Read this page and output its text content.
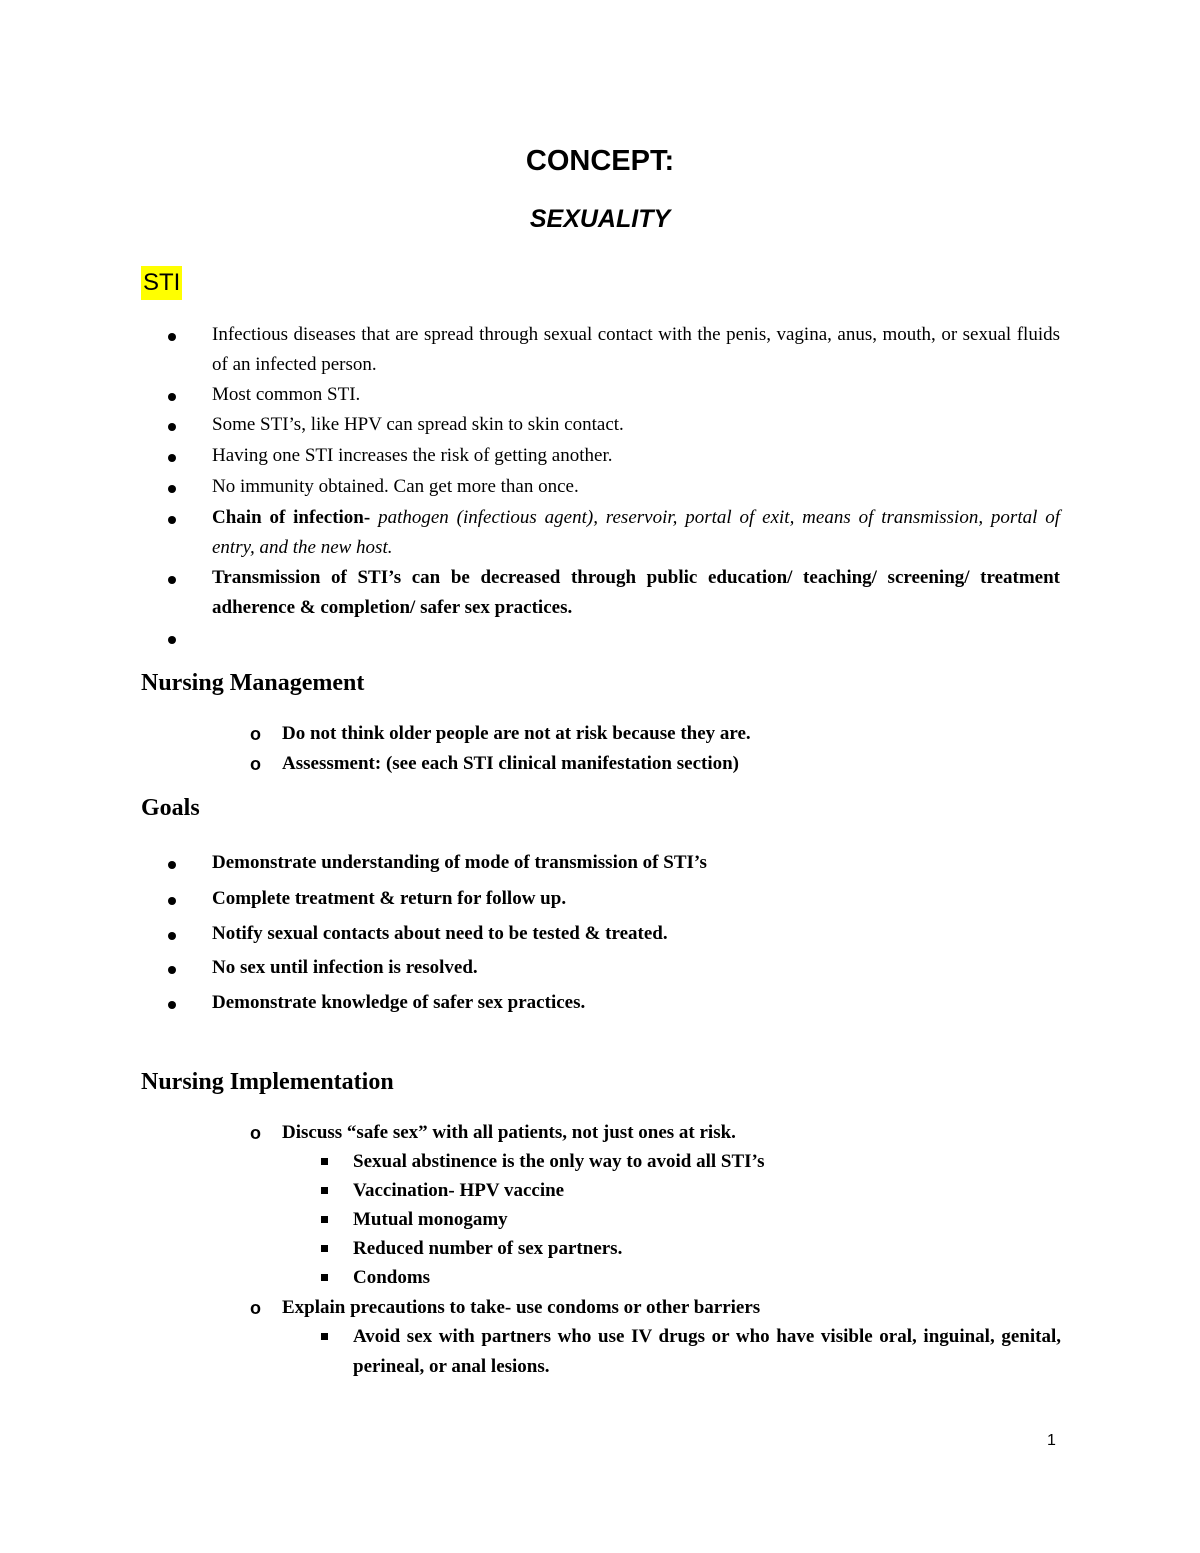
CONCEPT:
SEXUALITY
STI
Infectious diseases that are spread through sexual contact with the penis, vagina, anus, mouth, or sexual fluids of an infected person.
Most common STI.
Some STI’s, like HPV can spread skin to skin contact.
Having one STI increases the risk of getting another.
No immunity obtained. Can get more than once.
Chain of infection- pathogen (infectious agent), reservoir, portal of exit, means of transmission, portal of entry, and the new host.
Transmission of STI’s can be decreased through public education/ teaching/ screening/ treatment adherence & completion/ safer sex practices.
Nursing Management
o Do not think older people are not at risk because they are.
o Assessment: (see each STI clinical manifestation section)
Goals
Demonstrate understanding of mode of transmission of STI’s
Complete treatment & return for follow up.
Notify sexual contacts about need to be tested & treated.
No sex until infection is resolved.
Demonstrate knowledge of safer sex practices.
Nursing Implementation
o Discuss “safe sex” with all patients, not just ones at risk.
Sexual abstinence is the only way to avoid all STI’s
Vaccination- HPV vaccine
Mutual monogamy
Reduced number of sex partners.
Condoms
o Explain precautions to take- use condoms or other barriers
Avoid sex with partners who use IV drugs or who have visible oral, inguinal, genital, perineal, or anal lesions.
1
